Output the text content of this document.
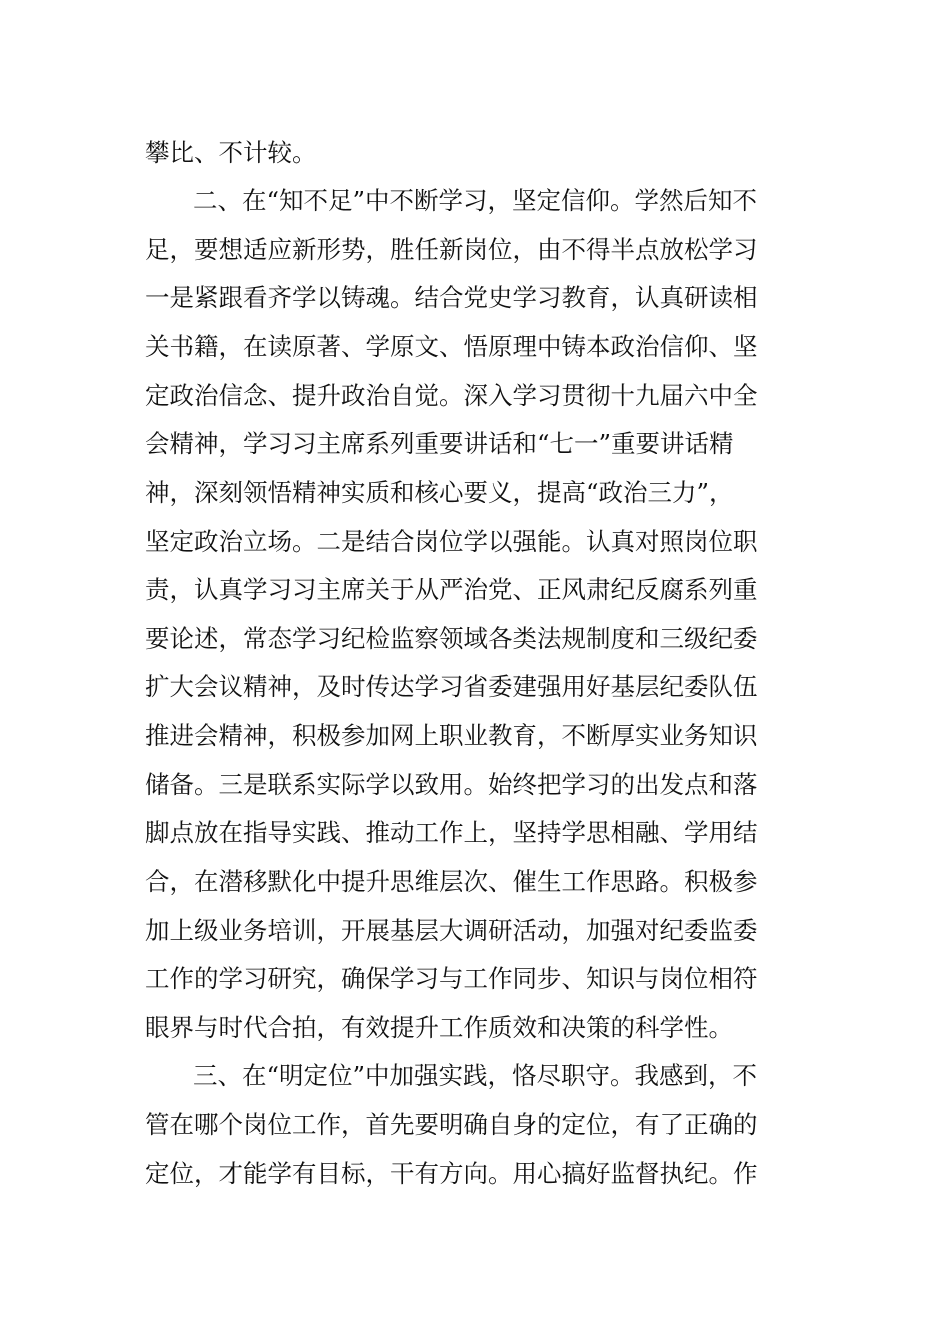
攀比、不计较。
二、在“知不足”中不断学习，坚定信仰。学然后知不
足，要想适应新形势，胜任新岗位，由不得半点放松学习
一是紧跟看齐学以铸魂。结合党史学习教育，认真研读相
关书籍，在读原著、学原文、悟原理中铸本政治信仰、坚
定政治信念、提升政治自觉。深入学习贯彻十九届六中全
会精神，学习习主席系列重要讲话和“七一”重要讲话精
神，深刻领悟精神实质和核心要义，提高“政治三力”，
坚定政治立场。二是结合岗位学以强能。认真对照岗位职
责，认真学习习主席关于从严治党、正风肃纪反腐系列重
要论述，常态学习纪检监察领域各类法规制度和三级纪委
扩大会议精神，及时传达学习省委建强用好基层纪委队伍
推进会精神，积极参加网上职业教育，不断厚实业务知识
储备。三是联系实际学以致用。始终把学习的出发点和落
脚点放在指导实践、推动工作上，坚持学思相融、学用结
合，在潜移默化中提升思维层次、催生工作思路。积极参
加上级业务培训，开展基层大调研活动，加强对纪委监委
工作的学习研究，确保学习与工作同步、知识与岗位相符
眼界与时代合拍，有效提升工作质效和决策的科学性。
三、在“明定位”中加强实践，恪尽职守。我感到，不
管在哪个岗位工作，首先要明确自身的定位，有了正确的
定位，才能学有目标，干有方向。用心搞好监督执纪。作
